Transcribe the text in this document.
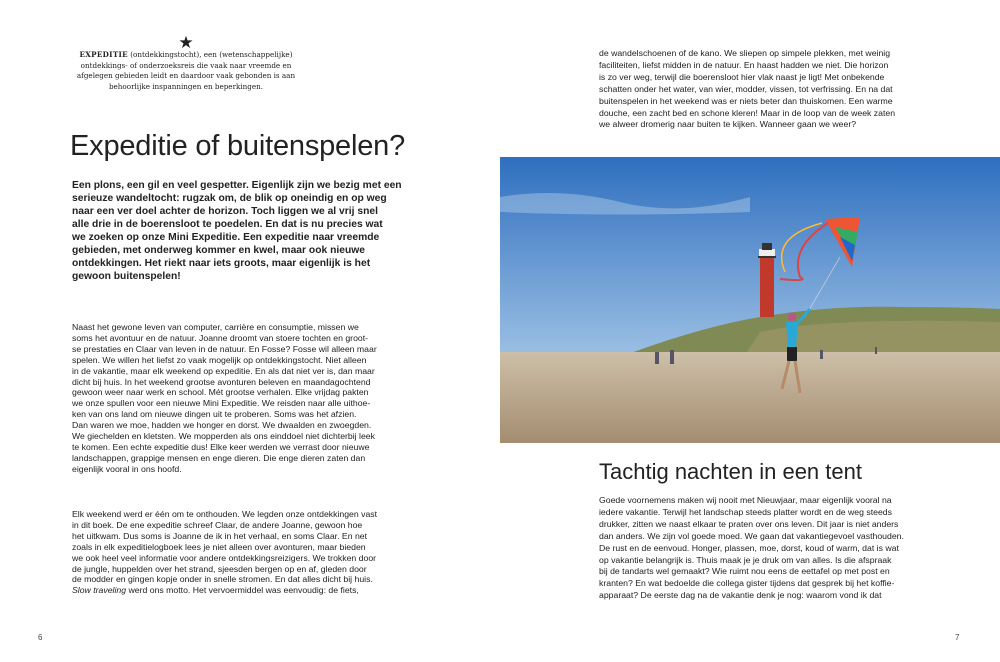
★
EXPEDITIE (ontdekkingstocht), een (wetenschappelijke)
ontdekkings- of onderzoeksreis die vaak naar vreemde en
afgelegen gebieden leidt en daardoor vaak gebonden is aan
behoorlijke inspanningen en beperkingen.
Expeditie of buitenspelen?
Een plons, een gil en veel gespetter. Eigenlijk zijn we bezig met een
serieuze wandeltocht: rugzak om, de blik op oneindig en op weg
naar een ver doel achter de horizon. Toch liggen we al vrij snel
alle drie in de boerensloot te poedelen. En dat is nu precies wat
we zoeken op onze Mini Expeditie. Een expeditie naar vreemde
gebieden, met onderweg kommer en kwel, maar ook nieuwe
ontdekkingen. Het riekt naar iets groots, maar eigenlijk is het
gewoon buitenspelen!
Naast het gewone leven van computer, carrière en consumptie, missen we
soms het avontuur en de natuur. Joanne droomt van stoere tochten en groot-
se prestaties en Claar van leven in de natuur. En Fosse? Fosse wil alleen maar
spelen. We willen het liefst zo vaak mogelijk op ontdekkingstocht. Niet alleen
in de vakantie, maar elk weekend op expeditie. En als dat niet ver is, dan maar
dicht bij huis. In het weekend grootse avonturen beleven en maandagochtend
gewoon weer naar werk en school. Mét grootse verhalen. Elke vrijdag pakten
we onze spullen voor een nieuwe Mini Expeditie. We reisden naar alle uithoe-
ken van ons land om nieuwe dingen uit te proberen. Soms was het afzien.
Dan waren we moe, hadden we honger en dorst. We dwaalden en zwoegden.
We giechelden en kletsten. We mopperden als ons einddoel niet dichterbij leek
te komen. Een echte expeditie dus! Elke keer werden we verrast door nieuwe
landschappen, grappige mensen en enge dieren. Die enge dieren zaten dan
eigenlijk vooral in ons hoofd.
Elk weekend werd er één om te onthouden. We legden onze ontdekkingen vast
in dit boek. De ene expeditie schreef Claar, de andere Joanne, gewoon hoe
het uitkwam. Dus soms is Joanne de ik in het verhaal, en soms Claar. En net
zoals in elk expeditielogboek lees je niet alleen over avonturen, maar bieden
we ook heel veel informatie voor andere ontdekkingsreizigers. We trokken door
de jungle, huppelden over het strand, sjeesden bergen op en af, gleden door
de modder en gingen kopje onder in snelle stromen. En dat alles dicht bij huis.
Slow traveling werd ons motto. Het vervoermiddel was eenvoudig: de fiets,
6
de wandelschoenen of de kano. We sliepen op simpele plekken, met weinig
faciliteiten, liefst midden in de natuur. En haast hadden we niet. Die horizon
is zo ver weg, terwijl die boerensloot hier vlak naast je ligt! Met onbekende
schatten onder het water, van wier, modder, vissen, tot verfrissing. En na dat
buitenspelen in het weekend was er niets beter dan thuiskomen. Een warme
douche, een zacht bed en schone kleren! Maar in de loop van de week zaten
we alweer dromerig naar buiten te kijken. Wanneer gaan we weer?
Tachtig nachten in een tent
Goede voornemens maken wij nooit met Nieuwjaar, maar eigenlijk vooral na
iedere vakantie. Terwijl het landschap steeds platter wordt en de weg steeds
drukker, zitten we naast elkaar te praten over ons leven. Dit jaar is niet anders
dan anders. We zijn vol goede moed. We gaan dat vakantiegevoel vasthouden.
De rust en de eenvoud. Honger, plassen, moe, dorst, koud of warm, dat is wat
op vakantie belangrijk is. Thuis maak je je druk om van alles. Is die afspraak
bij de tandarts wel gemaakt? Wie ruimt nou eens de eettafel op met post en
kranten? En wat bedoelde die collega gister tijdens dat gesprek bij het koffie-
apparaat? De eerste dag na de vakantie denk je nog: waarom vond ik dat
7
